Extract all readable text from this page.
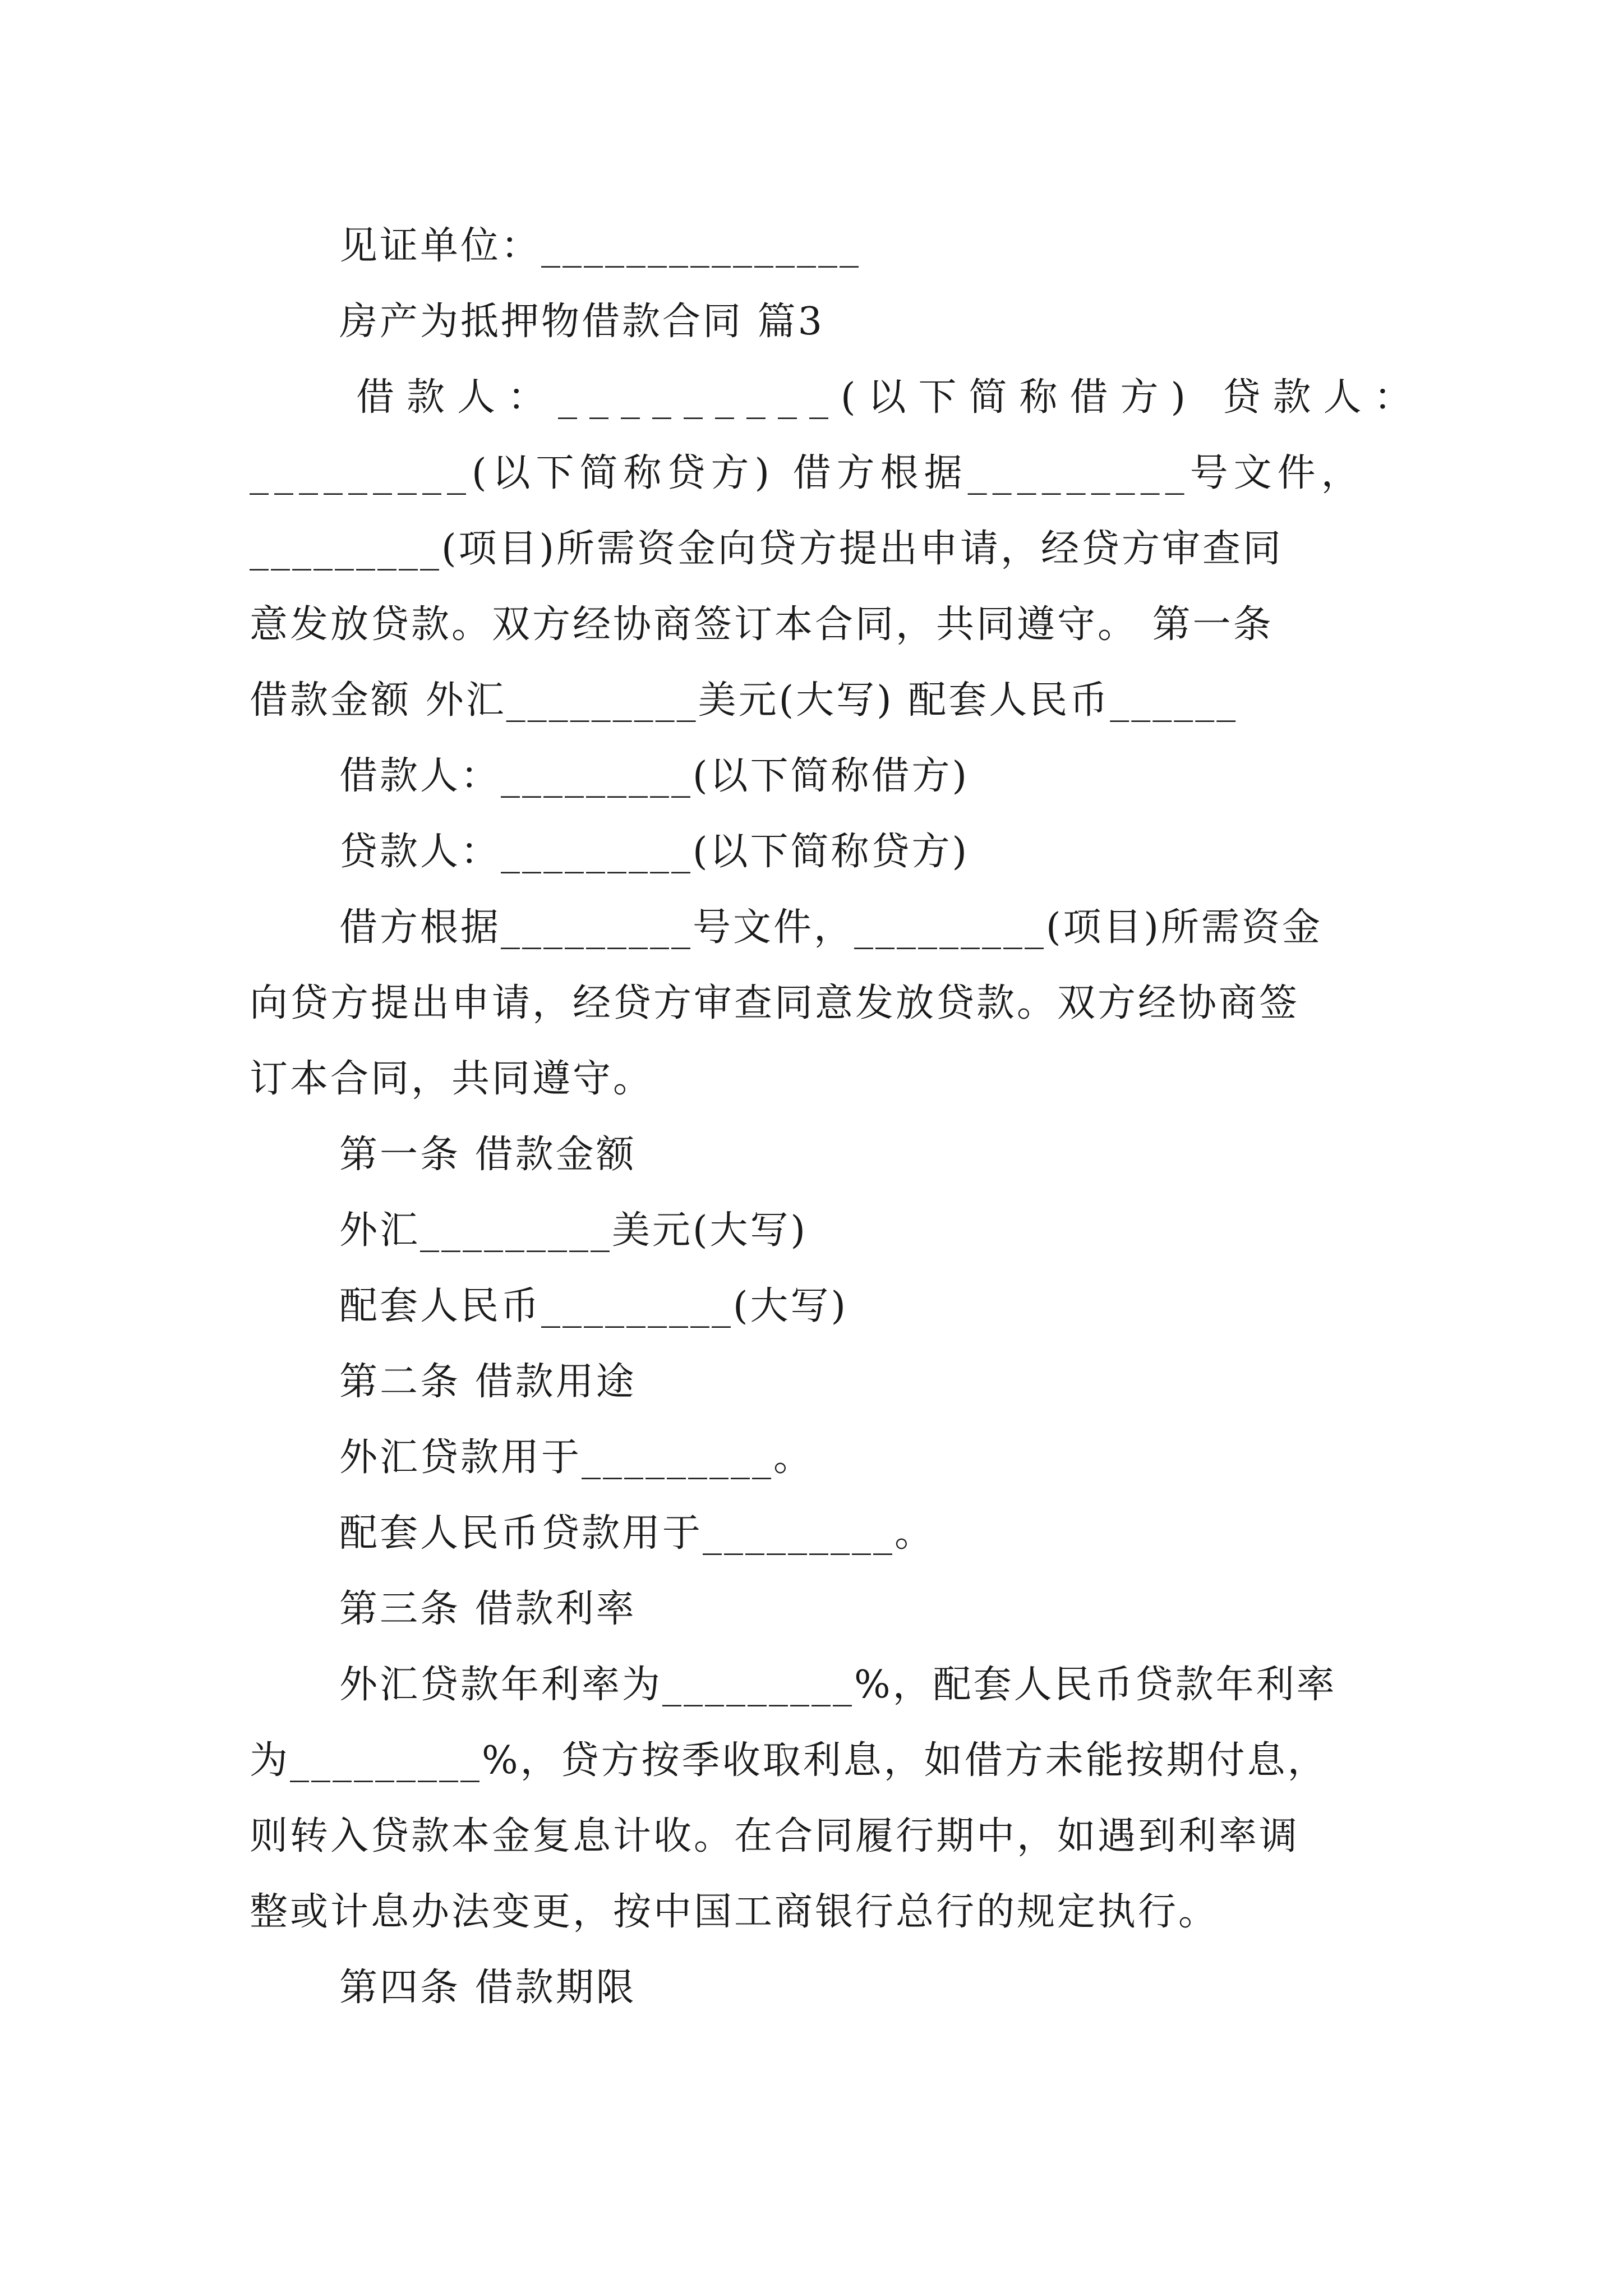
见证单位：_______________
房产为抵押物借款合同 篇3
借款人：_________(以下简称借方) 贷款人：
_________(以下简称贷方) 借方根据_________号文件，
_________(项目)所需资金向贷方提出申请，经贷方审查同
意发放贷款。双方经协商签订本合同，共同遵守。 第一条
借款金额 外汇_________美元(大写) 配套人民币______
借款人：_________(以下简称借方)
贷款人：_________(以下简称贷方)
借方根据_________号文件，_________(项目)所需资金
向贷方提出申请，经贷方审查同意发放贷款。双方经协商签
订本合同，共同遵守。
第一条 借款金额
外汇_________美元(大写)
配套人民币_________(大写)
第二条 借款用途
外汇贷款用于_________。
配套人民币贷款用于_________。
第三条 借款利率
外汇贷款年利率为_________%，配套人民币贷款年利率
为_________%，贷方按季收取利息，如借方未能按期付息，
则转入贷款本金复息计收。在合同履行期中，如遇到利率调
整或计息办法变更，按中国工商银行总行的规定执行。
第四条 借款期限
